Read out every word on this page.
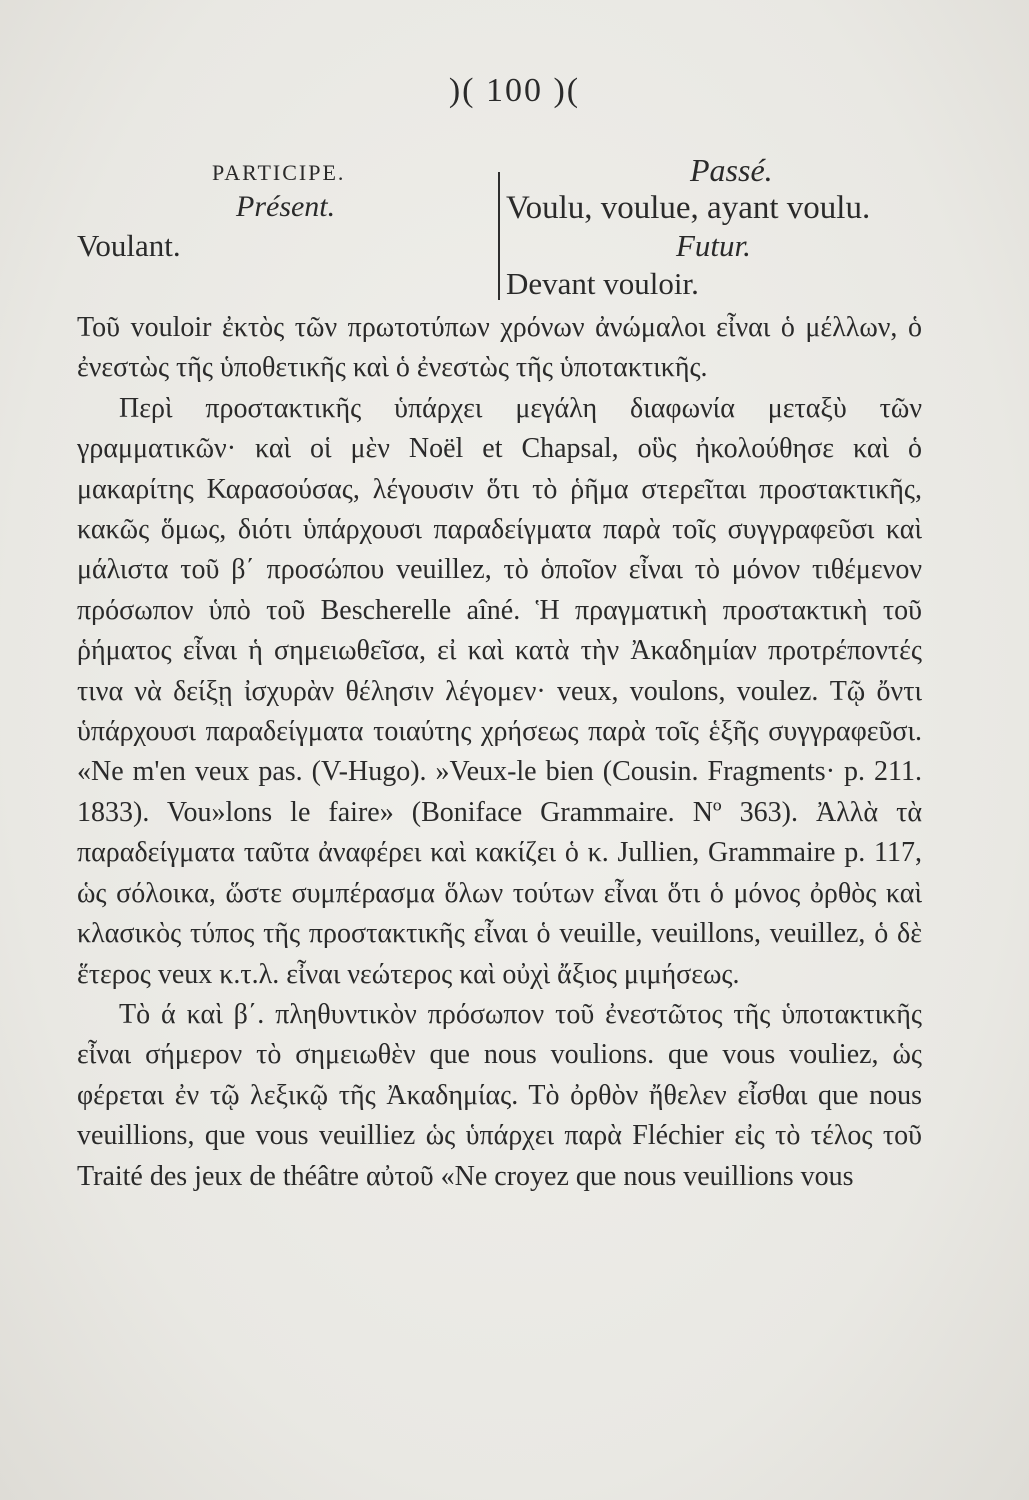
)( 100 )(
PARTICIPE.
Présent.
Voulant.
Passé.
Voulu, voulue, ayant voulu.
Futur.
Devant vouloir.

Τοῦ vouloir ἐκτὸς τῶν πρωτοτύπων χρόνων ἀνώμαλοι εἶναι ὁ μέλλων, ὁ ἐνεστὼς τῆς ὑποθετικῆς καὶ ὁ ἐνεστὼς τῆς ὑποτακτικῆς.

Περὶ προστακτικῆς ὑπάρχει μεγάλη διαφωνία μεταξὺ τῶν γραμματικῶν· καὶ οἱ μὲν Noël et Chapsal, οὓς ἠκολούθησε καὶ ὁ μακαρίτης Καρασούσας, λέγουσιν ὅτι τὸ ῥῆμα στερεῖται προστακτικῆς, κακῶς ὅμως, διότι ὑπάρχουσι παραδείγματα παρὰ τοῖς συγγραφεῦσι καὶ μάλιστα τοῦ β΄ προσώπου veuillez, τὸ ὁποῖον εἶναι τὸ μόνον τιθέμενον πρόσωπον ὑπὸ τοῦ Bescherelle aîné. Ἡ πραγματικὴ προστακτικὴ τοῦ ῥήματος εἶναι ἡ σημειωθεῖσα, εἰ καὶ κατὰ τὴν Ἀκαδημίαν προτρέποντές τινα νὰ δείξῃ ἰσχυρὰν θέλησιν λέγομεν· veux, voulons, voulez. Τῷ ὄντι ὑπάρχουσι παραδείγματα τοιαύτης χρήσεως παρὰ τοῖς ἑξῆς συγγραφεῦσι. «Ne m'en veux pas. (V-Hugo). »Veux-le bien (Cousin. Fragments· p. 211. 1833). Vou»lons le faire» (Boniface Grammaire. Nº 363). Ἀλλὰ τὰ παραδείγματα ταῦτα ἀναφέρει καὶ κακίζει ὁ κ. Jullien, Grammaire p. 117, ὡς σόλοικα, ὥστε συμπέρασμα ὅλων τούτων εἶναι ὅτι ὁ μόνος ὀρθὸς καὶ κλασικὸς τύπος τῆς προστακτικῆς εἶναι ὁ veuille, veuillons, veuillez, ὁ δὲ ἕτερος veux κ.τ.λ. εἶναι νεώτερος καὶ οὐχὶ ἄξιος μιμήσεως.

Τὸ ά καὶ β΄. πληθυντικὸν πρόσωπον τοῦ ἐνεστῶτος τῆς ὑποτακτικῆς εἶναι σήμερον τὸ σημειωθὲν que nous voulions. que vous vouliez, ὡς φέρεται ἐν τῷ λεξικῷ τῆς Ἀκαδημίας. Τὸ ὀρθὸν ἤθελεν εἶσθαι que nous veuillions, que vous veuilliez ὡς ὑπάρχει παρὰ Fléchier εἰς τὸ τέλος τοῦ Traité des jeux de théâtre αὐτοῦ «Ne croyez que nous veuillions vous
